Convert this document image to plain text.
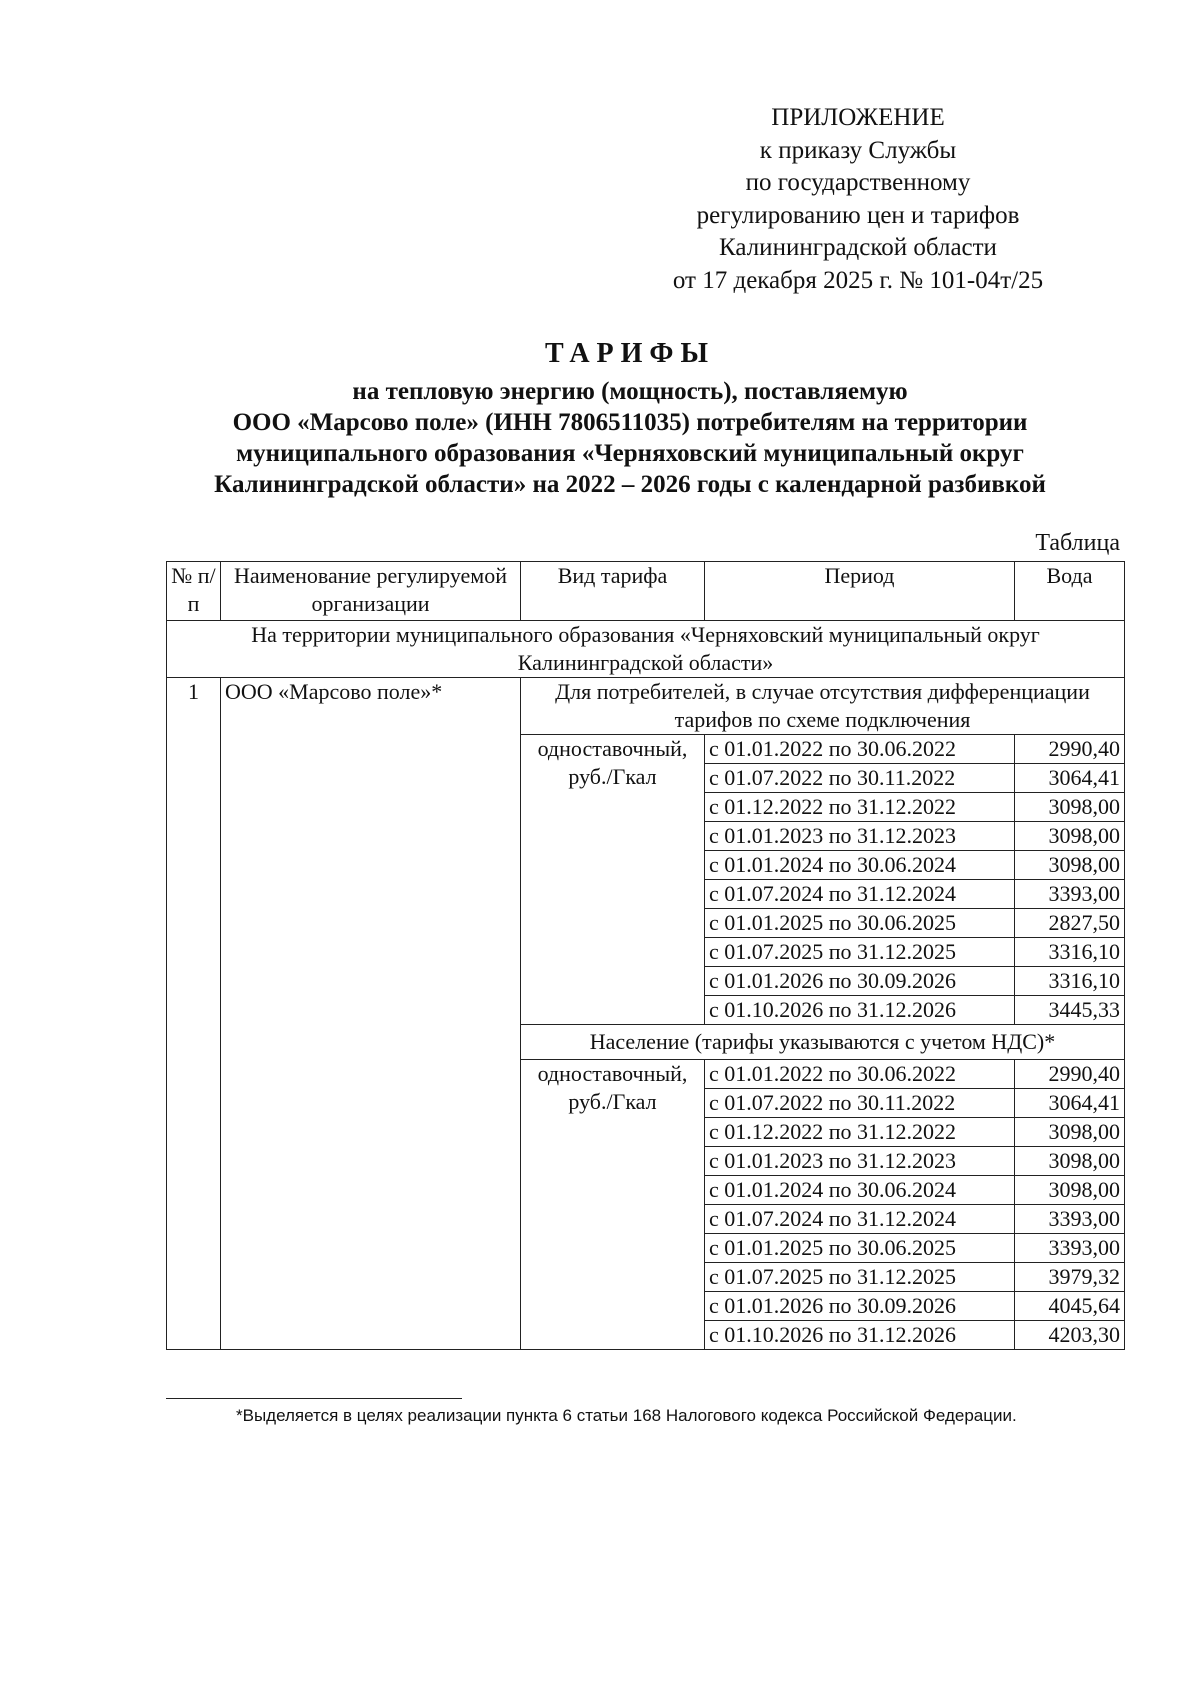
ПРИЛОЖЕНИЕ
к приказу Службы
по государственному
регулированию цен и тарифов
Калининградской области
от 17 декабря 2025 г. № 101-04т/25
ТАРИФЫ
на тепловую энергию (мощность), поставляемую
ООО «Марсово поле» (ИНН 7806511035) потребителям на территории
муниципального образования «Черняховский муниципальный округ
Калининградской области» на 2022 – 2026 годы с календарной разбивкой
Таблица
№ п/п	Наименование регулируемой организации	Вид тарифа	Период	Вода
На территории муниципального образования «Черняховский муниципальный округ Калининградской области»				
1	ООО «Марсово поле»*	Для потребителей, в случае отсутствия дифференциации тарифов по схеме подключения		
		одноставочный, руб./Гкал	с 01.01.2022 по 30.06.2022	2990,40
			с 01.07.2022 по 30.11.2022	3064,41
			с 01.12.2022 по 31.12.2022	3098,00
			с 01.01.2023 по 31.12.2023	3098,00
			с 01.01.2024 по 30.06.2024	3098,00
			с 01.07.2024 по 31.12.2024	3393,00
			с 01.01.2025 по 30.06.2025	2827,50
			с 01.07.2025 по 31.12.2025	3316,10
			с 01.01.2026 по 30.09.2026	3316,10
			с 01.10.2026 по 31.12.2026	3445,33
		Население (тарифы указываются с учетом НДС)*		
		одноставочный, руб./Гкал	с 01.01.2022 по 30.06.2022	2990,40
			с 01.07.2022 по 30.11.2022	3064,41
			с 01.12.2022 по 31.12.2022	3098,00
			с 01.01.2023 по 31.12.2023	3098,00
			с 01.01.2024 по 30.06.2024	3098,00
			с 01.07.2024 по 31.12.2024	3393,00
			с 01.01.2025 по 30.06.2025	3393,00
			с 01.07.2025 по 31.12.2025	3979,32
			с 01.01.2026 по 30.09.2026	4045,64
			с 01.10.2026 по 31.12.2026	4203,30
*Выделяется в целях реализации пункта 6 статьи 168 Налогового кодекса Российской Федерации.
